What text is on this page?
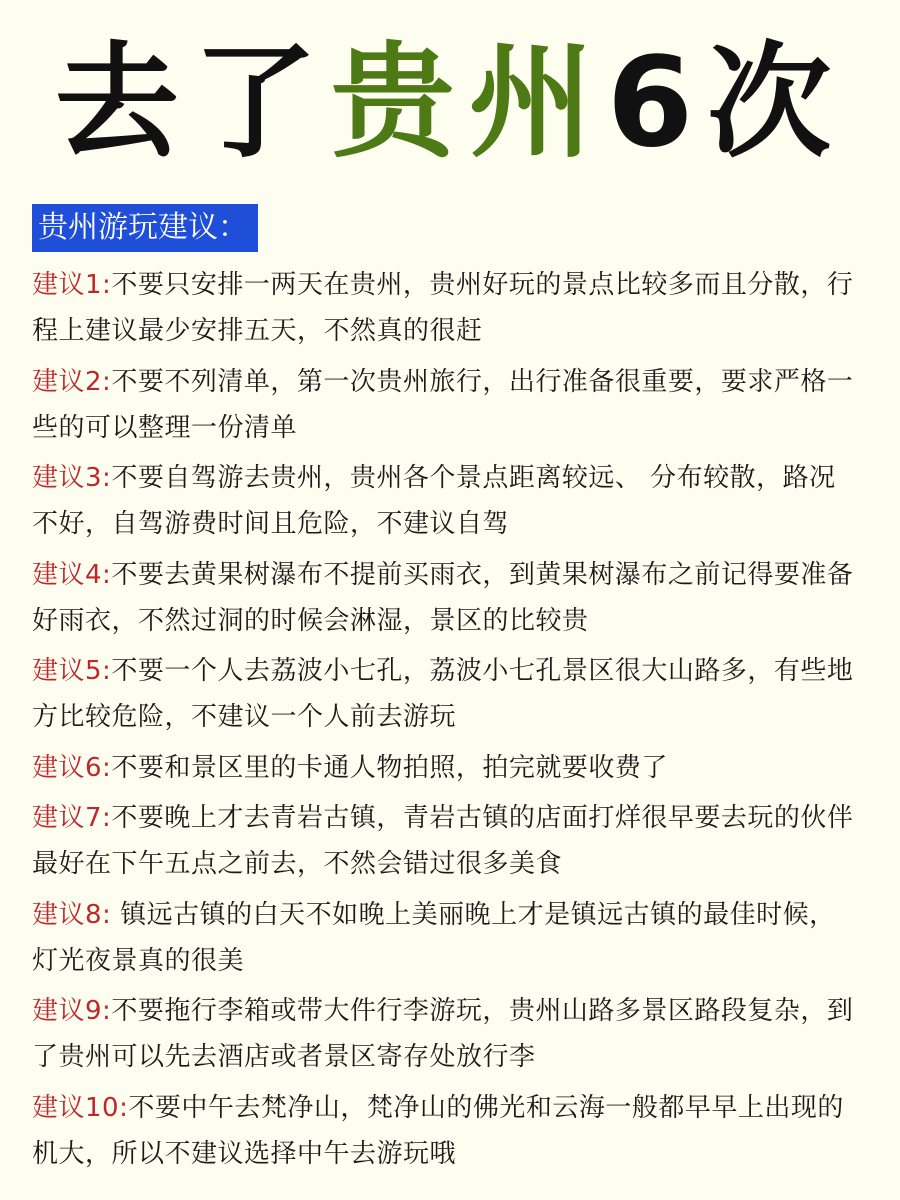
去了贵州6次
贵州游玩建议：
建议1:不要只安排一两天在贵州，贵州好玩的景点比较多而且分散，行程上建议最少安排五天，不然真的很赶
建议2:不要不列清单，第一次贵州旅行，出行准备很重要，要求严格一些的可以整理一份清单
建议3:不要自驾游去贵州，贵州各个景点距离较远、 分布较散，路况不好，自驾游费时间且危险，不建议自驾
建议4:不要去黄果树瀑布不提前买雨衣，到黄果树瀑布之前记得要准备好雨衣，不然过洞的时候会淋湿，景区的比较贵
建议5:不要一个人去荔波小七孔，荔波小七孔景区很大山路多，有些地方比较危险，不建议一个人前去游玩
建议6:不要和景区里的卡通人物拍照，拍完就要收费了
建议7:不要晚上才去青岩古镇，青岩古镇的店面打烊很早要去玩的伙伴最好在下午五点之前去，不然会错过很多美食
建议8: 镇远古镇的白天不如晚上美丽晚上才是镇远古镇的最佳时候，灯光夜景真的很美
建议9:不要拖行李箱或带大件行李游玩，贵州山路多景区路段复杂，到了贵州可以先去酒店或者景区寄存处放行李
建议10:不要中午去梵净山，梵净山的佛光和云海一般都早早上出现的机大，所以不建议选择中午去游玩哦
